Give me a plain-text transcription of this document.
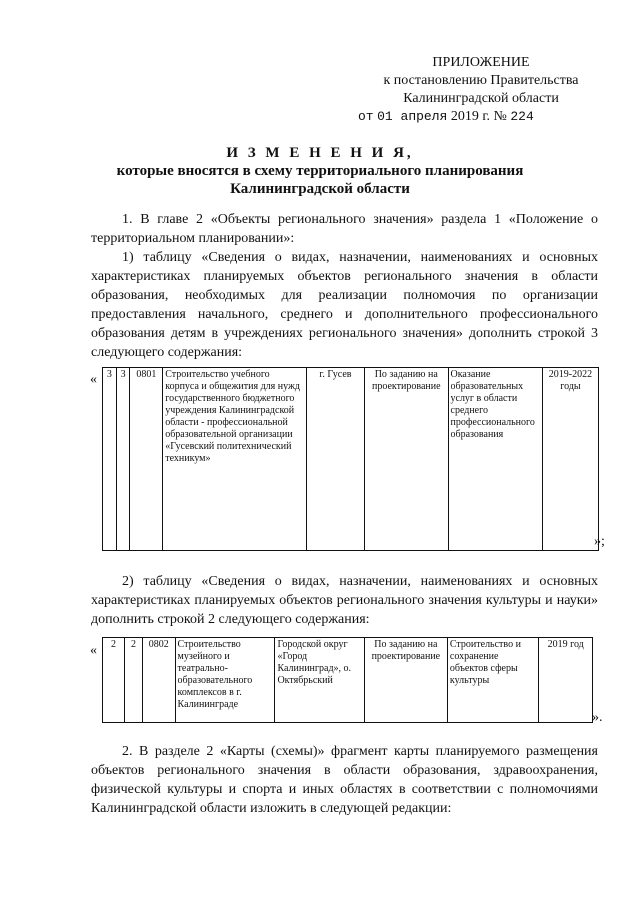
ПРИЛОЖЕНИЕ
к постановлению Правительства
Калининградской области
от 01 апреля 2019 г. № 224
И З М Е Н Е Н И Я,
которые вносятся в схему территориального планирования
Калининградской области
1. В главе 2 «Объекты регионального значения» раздела 1 «Положение о территориальном планировании»:
1) таблицу «Сведения о видах, назначении, наименованиях и основных характеристиках планируемых объектов регионального значения в области образования, необходимых для реализации полномочия по организации предоставления начального, среднего и дополнительного профессионального образования детям в учреждениях регионального значения» дополнить строкой 3 следующего содержания:
« 3	3	0801	Строительство учебного корпуса и общежития для нужд государственного бюджетного учреждения Калининградской области - профессиональной образовательной организации «Гусевский политехнический техникум»	г. Гусев	По заданию на проектирование	Оказание образовательных услуг в области среднего профессионального образования	2019-2022 годы
»;
2) таблицу «Сведения о видах, назначении, наименованиях и основных характеристиках планируемых объектов регионального значения культуры и науки» дополнить строкой 2 следующего содержания:
« 2	2	0802	Строительство музейного и театрально-образовательного комплексов в г. Калининграде	Городской округ «Город Калининград», о. Октябрьский	По заданию на проектирование	Строительство и сохранение объектов сферы культуры	2019 год
».
2. В разделе 2 «Карты (схемы)» фрагмент карты планируемого размещения объектов регионального значения в области образования, здравоохранения, физической культуры и спорта и иных областях в соответствии с полномочиями Калининградской области изложить в следующей редакции:
